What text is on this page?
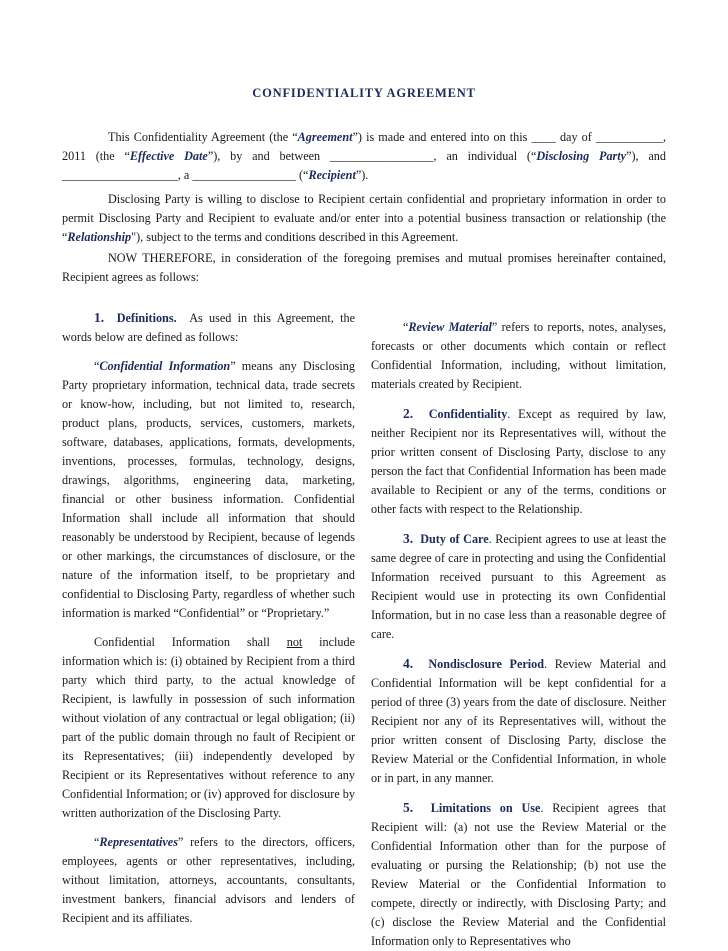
CONFIDENTIALITY AGREEMENT

This Confidentiality Agreement (the “Agreement”) is made and entered into on this ____ day of ___________, 2011 (the “Effective Date”), by and between _________________, an individual (“Disclosing Party”), and ___________________, a _________________ (“Recipient”).

Disclosing Party is willing to disclose to Recipient certain confidential and proprietary information in order to permit Disclosing Party and Recipient to evaluate and/or enter into a potential business transaction or relationship (the “Relationship"), subject to the terms and conditions described in this Agreement.

NOW THEREFORE, in consideration of the foregoing premises and mutual promises hereinafter contained, Recipient agrees as follows:

1. Definitions. As used in this Agreement, the words below are defined as follows:

“Confidential Information” means any Disclosing Party proprietary information, technical data, trade secrets or know-how, including, but not limited to, research, product plans, products, services, customers, markets, software, databases, applications, formats, developments, inventions, processes, formulas, technology, designs, drawings, algorithms, engineering data, marketing, financial or other business information. Confidential Information shall include all information that should reasonably be understood by Recipient, because of legends or other markings, the circumstances of disclosure, or the nature of the information itself, to be proprietary and confidential to Disclosing Party, regardless of whether such information is marked “Confidential” or “Proprietary.”

Confidential Information shall not include information which is: (i) obtained by Recipient from a third party which third party, to the actual knowledge of Recipient, is lawfully in possession of such information without violation of any contractual or legal obligation; (ii) part of the public domain through no fault of Recipient or its Representatives; (iii) independently developed by Recipient or its Representatives without reference to any Confidential Information; or (iv) approved for disclosure by written authorization of the Disclosing Party.

“Representatives” refers to the directors, officers, employees, agents or other representatives, including, without limitation, attorneys, accountants, consultants, investment bankers, financial advisors and lenders of Recipient and its affiliates.

“Review Material” refers to reports, notes, analyses, forecasts or other documents which contain or reflect Confidential Information, including, without limitation, materials created by Recipient.

2. Confidentiality. Except as required by law, neither Recipient nor its Representatives will, without the prior written consent of Disclosing Party, disclose to any person the fact that Confidential Information has been made available to Recipient or any of the terms, conditions or other facts with respect to the Relationship.

3. Duty of Care. Recipient agrees to use at least the same degree of care in protecting and using the Confidential Information received pursuant to this Agreement as Recipient would use in protecting its own Confidential Information, but in no case less than a reasonable degree of care.

4. Nondisclosure Period. Review Material and Confidential Information will be kept confidential for a period of three (3) years from the date of disclosure. Neither Recipient nor any of its Representatives will, without the prior written consent of Disclosing Party, disclose the Review Material or the Confidential Information, in whole or in part, in any manner.

5. Limitations on Use. Recipient agrees that Recipient will: (a) not use the Review Material or the Confidential Information other than for the purpose of evaluating or pursing the Relationship; (b) not use the Review Material or the Confidential Information to compete, directly or indirectly, with Disclosing Party; and (c) disclose the Review Material and the Confidential Information only to Representatives who
